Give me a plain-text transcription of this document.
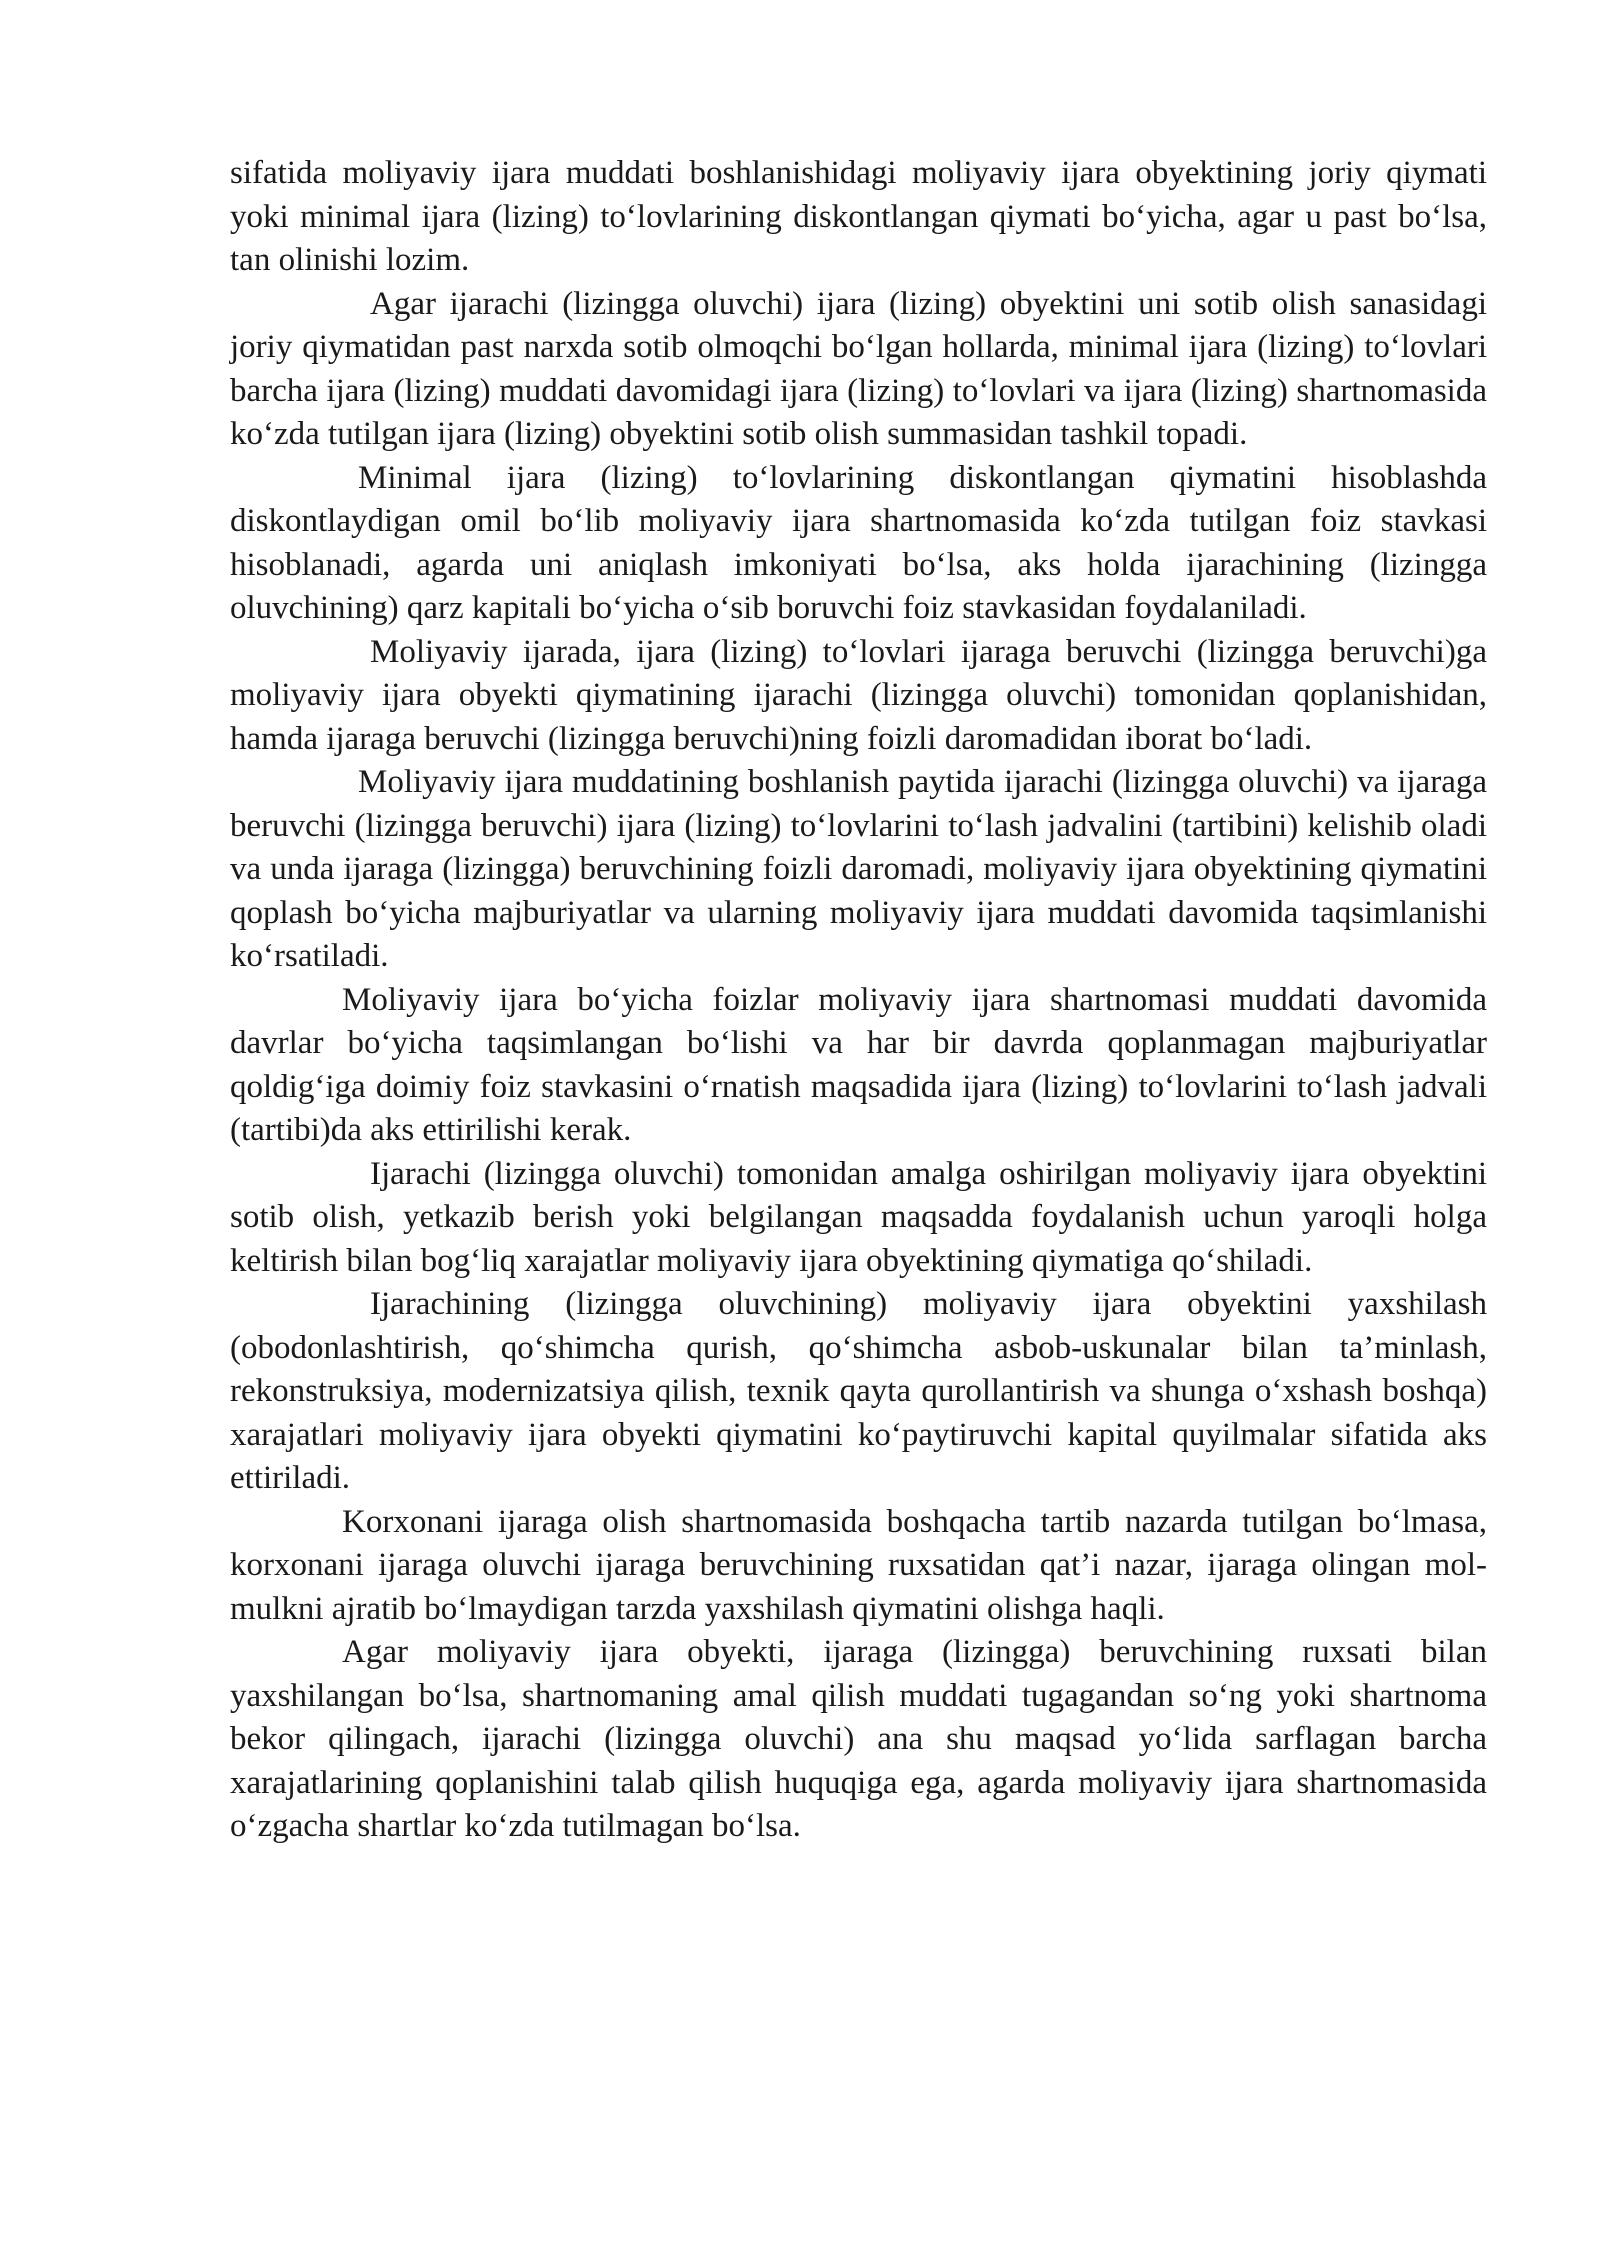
sifatida moliyaviy ijara muddati boshlanishidagi moliyaviy ijara obyektining joriy qiymati yoki minimal ijara (lizing) to‘lovlarining diskontlangan qiymati bo‘yicha, agar u past bo‘lsa, tan olinishi lozim.

Agar ijarachi (lizingga oluvchi) ijara (lizing) obyektini uni sotib olish sanasidagi joriy qiymatidan past narxda sotib olmoqchi bo‘lgan hollarda, minimal ijara (lizing) to‘lovlari barcha ijara (lizing) muddati davomidagi ijara (lizing) to‘lovlari va ijara (lizing) shartnomasida ko‘zda tutilgan ijara (lizing) obyektini sotib olish summasidan tashkil topadi.

Minimal ijara (lizing) to‘lovlarining diskontlangan qiymatini hisoblashda diskontlaydigan omil bo‘lib moliyaviy ijara shartnomasida ko‘zda tutilgan foiz stavkasi hisoblanadi, agarda uni aniqlash imkoniyati bo‘lsa, aks holda ijarachining (lizingga oluvchining) qarz kapitali bo‘yicha o‘sib boruvchi foiz stavkasidan foydalaniladi.

Moliyaviy ijarada, ijara (lizing) to‘lovlari ijaraga beruvchi (lizingga beruvchi)ga moliyaviy ijara obyekti qiymatining ijarachi (lizingga oluvchi) tomonidan qoplanishidan, hamda ijaraga beruvchi (lizingga beruvchi)ning foizli daromadidan iborat bo‘ladi.

Moliyaviy ijara muddatining boshlanish paytida ijarachi (lizingga oluvchi) va ijaraga beruvchi (lizingga beruvchi) ijara (lizing) to‘lovlarini to‘lash jadvalini (tartibini) kelishib oladi va unda ijaraga (lizingga) beruvchining foizli daromadi, moliyaviy ijara obyektining qiymatini qoplash bo‘yicha majburiyatlar va ularning moliyaviy ijara muddati davomida taqsimlanishi ko‘rsatiladi.

Moliyaviy ijara bo‘yicha foizlar moliyaviy ijara shartnomasi muddati davomida davrlar bo‘yicha taqsimlangan bo‘lishi va har bir davrda qoplanmagan majburiyatlar qoldig‘iga doimiy foiz stavkasini o‘rnatish maqsadida ijara (lizing) to‘lovlarini to‘lash jadvali (tartibi)da aks ettirilishi kerak.

Ijarachi (lizingga oluvchi) tomonidan amalga oshirilgan moliyaviy ijara obyektini sotib olish, yetkazib berish yoki belgilangan maqsadda foydalanish uchun yaroqli holga keltirish bilan bog‘liq xarajatlar moliyaviy ijara obyektining qiymatiga qo‘shiladi.

Ijarachining (lizingga oluvchining) moliyaviy ijara obyektini yaxshilash (obodonlashtirish, qo‘shimcha qurish, qo‘shimcha asbob-uskunalar bilan ta’minlash, rekonstruksiya, modernizatsiya qilish, texnik qayta qurollantirish va shunga o‘xshash boshqa) xarajatlari moliyaviy ijara obyekti qiymatini ko‘paytiruvchi kapital quyilmalar sifatida aks ettiriladi.

Korxonani ijaraga olish shartnomasida boshqacha tartib nazarda tutilgan bo‘lmasa, korxonani ijaraga oluvchi ijaraga beruvchining ruxsatidan qat’i nazar, ijaraga olingan mol-mulkni ajratib bo‘lmaydigan tarzda yaxshilash qiymatini olishga haqli.

Agar moliyaviy ijara obyekti, ijaraga (lizingga) beruvchining ruxsati bilan yaxshilangan bo‘lsa, shartnomaning amal qilish muddati tugagandan so‘ng yoki shartnoma bekor qilingach, ijarachi (lizingga oluvchi) ana shu maqsad yo‘lida sarflagan barcha xarajatlarining qoplanishini talab qilish huquqiga ega, agarda moliyaviy ijara shartnomasida o‘zgacha shartlar ko‘zda tutilmagan bo‘lsa.
